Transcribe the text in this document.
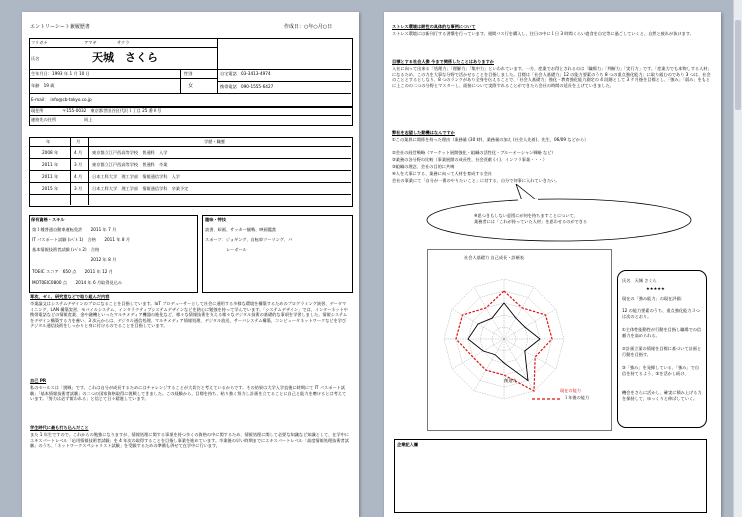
エントリーシート兼履歴書	作成日：○年○月○日
フリガナ	アマギ	サクラ
氏名	天城　さくら
生年月日：1993 年 1 月 10 日
年齢　19 歳
性別
女
自宅電話　03-3413-4974
携帯電話　090-1555-6427
E-mail：　info@cb-tokyo.co.jp
現住所	〒155-0032　東京都世田谷区代沢１丁目 25 番８号
連絡先の住所	同上
年	月	学歴・職歴
2008 年	4 月 東京都立江戸西高等学校　普通科　入学
2011 年	3 月 東京都立江戸西高等学校　普通科　卒業
2011 年	4 月 日本工科大学　理工学部　情報通信学科　入学
2015 年	3 月 日本工科大学　理工学部　情報通信学科　卒業予定
保有資格・スキル
第１種普通自動車運転免許　　2011 年 7 月
IT パスポート試験 (ﾚﾍﾞﾙ 1)　合格　　2011 年 8 月
基本情報技術者試験 (ﾚﾍﾞﾙ 2)　合格
　　　　　　　　　　　　　　2012 年 8 月
TOEIC スコア　650 点　　2011 年 12 月
MOT0EIC0800 点　　2014 年 6 月取得見込み
趣味・特技
読書、絵画、サッカー観戦、映画鑑賞
スポーツ：ジョギング、自転車ツーリング、バ
　　　　　レーボール
専攻、ゼミ、研究室などで取り組んだ内容
卒業論文はシステムデザインのプロになることを目指しています。IoT プロデューサーとして社会に通用する多様な環境を構築するためのプログラミング演習、データマイニング、LAN 構築実習、モバイルシステム、インタラクティブシステムデザインなどを熱心に勉強を持って学んでいます。「システムデザイン」では、インターネットや携帯電話などの情報産業、金や融機といったマルチメディア機器の進化など、様々な情報技術を支える様々なデジタル技術の基礎的な事項を学習しました。情報システムをデザイン構築する力を養い、3 次元からは、デジタル通信処理、マルチメディア情報処理、デジタル放送、サーバシステム構築、コンピュータネットワークなどを学びデジタル通信技術をしっかりと身に付けるのでることを目指しています。
自己 PR
私のセールスは「挑戦」です。これは自分が成長するためにはチャレンジすることが大切だと考えているからです。その結果は大学入学直後に時期にて IT パスポート試験」「基本情報技術者試験」の二つの国家資格取得に挑戦してきました。この経験から、目標を持ち、粘り強く努力し計画を立てることに自己と能力を磨けるとは考えています。「努力は必ず報われる」と信じて日々精進しています。
学生時代に最も打ち込んだこと
また 1 年生ですので、これからの勉強になりますが、情報処理に関する事項を持つ多くの資格の中に関するため、情報処理に関して必要な知識など知識として、在学中にエキスパートレベル「応用情報技術者試験」を 4 年次の取得することを目指し事業を進めています。卒業後の早い時期までにエキスパートレベル「高度情報処理技術者試験」のうち、「ネットワークスペシャリスト試験」を受験するための準備も併せて在学中に行います。
ストレス環境は耐性の具体的な事例について
ストレス環境には新刊行する習慣を行っています。週間バス行を購入し、往日の中に１日 3 時間くらい寝食を自宅等に過ごしていくと、自然と疲れが抜けます。
目標とする社会人像 今まで関係したことはありますか
入社に向って出来る「処理力」「理解力」「集中力」といわれています。一方、産業でお得とされるのは「職場力」「判断力」「実行力」です。「産業力でも本物しする人材」になるため、この力を大事な分野で活かせることを目指しました。目標は「社会人基礎力」12 の能力要素のうち 8 つの重点強化能力」に取り組むのであり 3 つは、社会のこととするとしなり、8 つのランクがあり全身を伝えることで、「社会人基礎力」強化・教育強化能力測定の 4 段階として 3 ケ月後を目標とし、「強み」「弱み」をもとに上このの二つの分野とマスターし、面接について実際すれることができたら会社の時間の延長を上げていきました。
弊社を志望した動機はなんですか
①この業界に関係を持った理由（業務量 (30 時)、業務量の加え (社会人先着)、先生、06/09 などから）
②会社の経営戦略（マーケット展開強化・組織の活性化・ブルーオーシャン戦略 など）
③業務の各分野の比較（事業展開の成長性、社会貢献 (イ)、インフラ事業・・・）
③組織の理念、会社の目的に共鳴
④人を大事にする、業務に向って人材を育成する会社
会社の事業にて「自分が一番のやりたいこと」に対する、自分で何事に入れていきたい。
※思つきもしない意図にが何を持ちますことについて、
業務者には「これが持っていた人材」を思わせるのができる
社会人基礎力 自己成長・診断表
創造力
現在の能力
１年後の能力
氏名　天城 さくら
★★★★★
現在の「強み能力」の現在評価：
12 の能力要素のうち、重点強化能力３つは次のとおり。
①主体性能動性が行動を目指し職場での信頼力を高められる。
②計画立案の情報を目標に基づいて計画と行動を目指す。
③「強み」を発揮している、「強み」で自信を持てるよう、③を活かし続け、
機会をさらに活かし、確実に積み上げる力を保持して、ゆっくりと伸ばしていく。
企業記入欄
